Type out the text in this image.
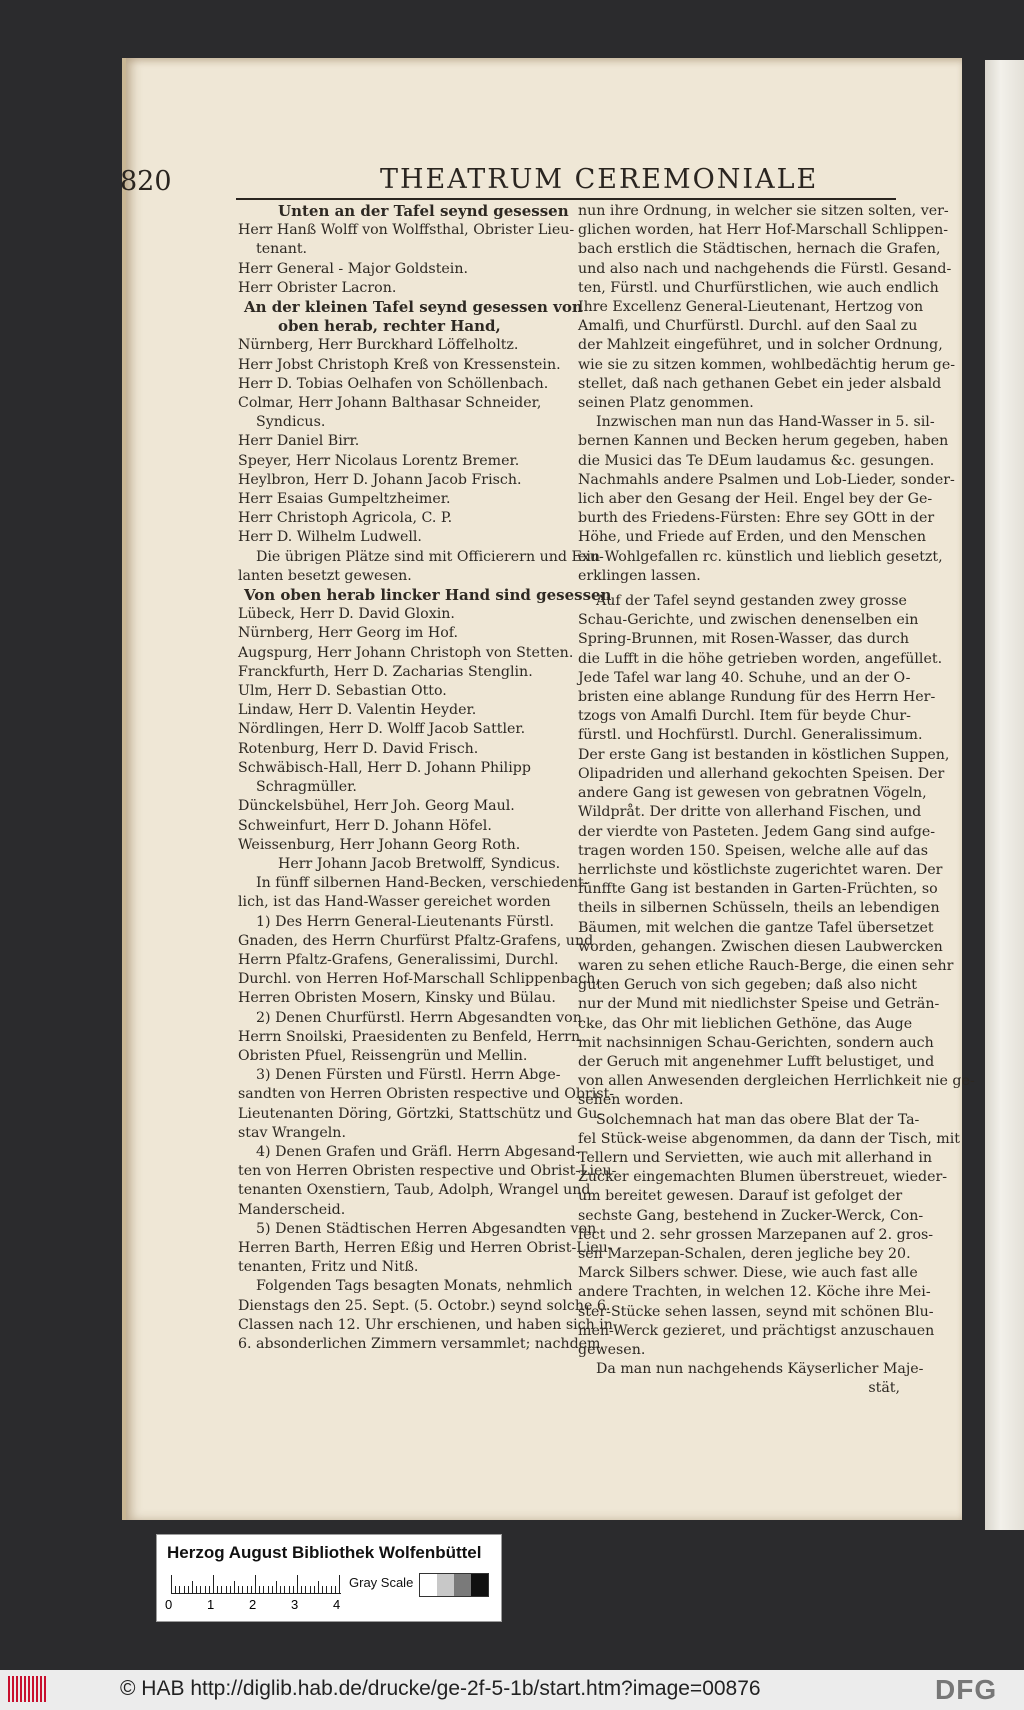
820	THEATRUM CEREMONIALE
Unten an der Tafel seynd gesessen
Herr Hanß Wolff von Wolffsthal, Obrister Lieu-
tenant.
Herr General - Major Goldstein.
Herr Obrister Lacron.
An der kleinen Tafel seynd gesessen von
oben herab, rechter Hand,
Nürnberg, Herr Burckhard Löffelholtz.
Herr Jobst Christoph Kreß von Kressenstein.
Herr D. Tobias Oelhafen von Schöllenbach.
Colmar, Herr Johann Balthasar Schneider,
Syndicus.
Herr Daniel Birr.
Speyer, Herr Nicolaus Lorentz Bremer.
Heylbron, Herr D. Johann Jacob Frisch.
Herr Esaias Gumpeltzheimer.
Herr Christoph Agricola, C. P.
Herr D. Wilhelm Ludwell.
Die übrigen Plätze sind mit Officierern und Exu-
lanten besetzt gewesen.
Von oben herab lincker Hand sind gesessen
Lübeck, Herr D. David Gloxin.
Nürnberg, Herr Georg im Hof.
Augspurg, Herr Johann Christoph von Stetten.
Franckfurth, Herr D. Zacharias Stenglin.
Ulm, Herr D. Sebastian Otto.
Lindaw, Herr D. Valentin Heyder.
Nördlingen, Herr D. Wolff Jacob Sattler.
Rotenburg, Herr D. David Frisch.
Schwäbisch-Hall, Herr D. Johann Philipp
Schragmüller.
Dünckelsbühel, Herr Joh. Georg Maul.
Schweinfurt, Herr D. Johann Höfel.
Weissenburg, Herr Johann Georg Roth.
Herr Johann Jacob Bretwolff, Syndicus.
In fünff silbernen Hand-Becken, verschiedent-
lich, ist das Hand-Wasser gereichet worden
1) Des Herrn General-Lieutenants Fürstl.
Gnaden, des Herrn Churfürst Pfaltz-Grafens, und
Herrn Pfaltz-Grafens, Generalissimi, Durchl.
Durchl. von Herren Hof-Marschall Schlippenbach,
Herren Obristen Mosern, Kinsky und Bülau.
2) Denen Churfürstl. Herrn Abgesandten von
Herrn Snoilski, Praesidenten zu Benfeld, Herrn
Obristen Pfuel, Reissengrün und Mellin.
3) Denen Fürsten und Fürstl. Herrn Abge-
sandten von Herren Obristen respective und Obrist-
Lieutenanten Döring, Görtzki, Stattschütz und Gu-
stav Wrangeln.
4) Denen Grafen und Gräfl. Herrn Abgesand-
ten von Herren Obristen respective und Obrist-Lieu-
tenanten Oxenstiern, Taub, Adolph, Wrangel und
Manderscheid.
5) Denen Städtischen Herren Abgesandten von
Herren Barth, Herren Eßig und Herren Obrist-Lieu-
tenanten, Fritz und Nitß.
Folgenden Tags besagten Monats, nehmlich
Dienstags den 25. Sept. (5. Octobr.) seynd solche 6.
Classen nach 12. Uhr erschienen, und haben sich in
6. absonderlichen Zimmern versammlet; nachdem
nun ihre Ordnung, in welcher sie sitzen solten, ver-
glichen worden, hat Herr Hof-Marschall Schlippen-
bach erstlich die Städtischen, hernach die Grafen,
und also nach und nachgehends die Fürstl. Gesand-
ten, Fürstl. und Churfürstlichen, wie auch endlich
Ihre Excellenz General-Lieutenant, Hertzog von
Amalfi, und Churfürstl. Durchl. auf den Saal zu
der Mahlzeit eingeführet, und in solcher Ordnung,
wie sie zu sitzen kommen, wohlbedächtig herum ge-
stellet, daß nach gethanen Gebet ein jeder alsbald
seinen Platz genommen.
Inzwischen man nun das Hand-Wasser in 5. sil-
bernen Kannen und Becken herum gegeben, haben
die Musici das Te DEum laudamus &c. gesungen.
Nachmahls andere Psalmen und Lob-Lieder, sonder-
lich aber den Gesang der Heil. Engel bey der Ge-
burth des Friedens-Fürsten: Ehre sey GOtt in der
Höhe, und Friede auf Erden, und den Menschen
ein Wohlgefallen rc. künstlich und lieblich gesetzt,
erklingen lassen.
Auf der Tafel seynd gestanden zwey grosse
Schau-Gerichte, und zwischen denenselben ein
Spring-Brunnen, mit Rosen-Wasser, das durch
die Lufft in die höhe getrieben worden, angefüllet.
Jede Tafel war lang 40. Schuhe, und an der O-
bristen eine ablange Rundung für des Herrn Her-
tzogs von Amalfi Durchl. Item für beyde Chur-
fürstl. und Hochfürstl. Durchl. Generalissimum.
Der erste Gang ist bestanden in köstlichen Suppen,
Olipadriden und allerhand gekochten Speisen. Der
andere Gang ist gewesen von gebratnen Vögeln,
Wildpråt. Der dritte von allerhand Fischen, und
der vierdte von Pasteten. Jedem Gang sind aufge-
tragen worden 150. Speisen, welche alle auf das
herrlichste und köstlichste zugerichtet waren. Der
fünffte Gang ist bestanden in Garten-Früchten, so
theils in silbernen Schüsseln, theils an lebendigen
Bäumen, mit welchen die gantze Tafel übersetzet
worden, gehangen. Zwischen diesen Laubwercken
waren zu sehen etliche Rauch-Berge, die einen sehr
guten Geruch von sich gegeben; daß also nicht
nur der Mund mit niedlichster Speise und Geträn-
cke, das Ohr mit lieblichen Gethöne, das Auge
mit nachsinnigen Schau-Gerichten, sondern auch
der Geruch mit angenehmer Lufft belustiget, und
von allen Anwesenden dergleichen Herrlichkeit nie ge-
sehen worden.
Solchemnach hat man das obere Blat der Ta-
fel Stück-weise abgenommen, da dann der Tisch, mit
Tellern und Servietten, wie auch mit allerhand in
Zucker eingemachten Blumen überstreuet, wieder-
um bereitet gewesen. Darauf ist gefolget der
sechste Gang, bestehend in Zucker-Werck, Con-
fect und 2. sehr grossen Marzepanen auf 2. gros-
sen Marzepan-Schalen, deren jegliche bey 20.
Marck Silbers schwer. Diese, wie auch fast alle
andere Trachten, in welchen 12. Köche ihre Mei-
ster-Stücke sehen lassen, seynd mit schönen Blu-
men-Werck gezieret, und prächtigst anzuschauen
gewesen.
Da man nun nachgehends Käyserlicher Maje-
stät,
Herzog August Bibliothek Wolfenbüttel
0	1	2	3	4
Gray Scale
© HAB http://diglib.hab.de/drucke/ge-2f-5-1b/start.htm?image=00876	DFG
